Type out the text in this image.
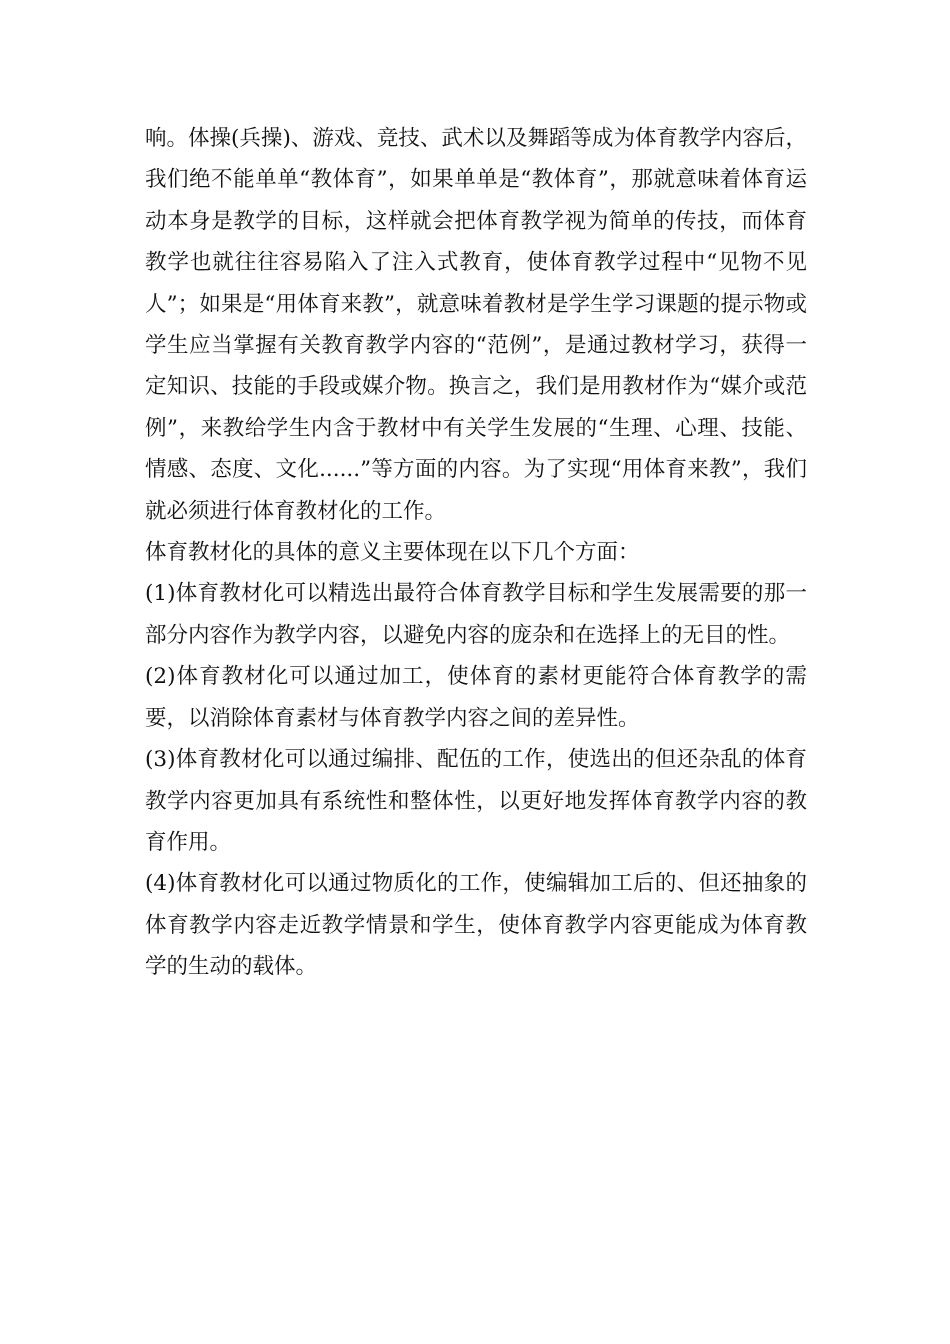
响。体操(兵操)、游戏、竞技、武术以及舞蹈等成为体育教学内容后，我们绝不能单单“教体育”，如果单单是“教体育”，那就意味着体育运动本身是教学的目标，这样就会把体育教学视为简单的传技，而体育教学也就往往容易陷入了注入式教育，使体育教学过程中“见物不见人”；如果是“用体育来教”，就意味着教材是学生学习课题的提示物或学生应当掌握有关教育教学内容的“范例”，是通过教材学习，获得一定知识、技能的手段或媒介物。换言之，我们是用教材作为“媒介或范例”，来教给学生内含于教材中有关学生发展的“生理、心理、技能、情感、态度、文化......”等方面的内容。为了实现“用体育来教”，我们就必须进行体育教材化的工作。

体育教材化的具体的意义主要体现在以下几个方面：

(1)体育教材化可以精选出最符合体育教学目标和学生发展需要的那一部分内容作为教学内容，以避免内容的庞杂和在选择上的无目的性。

(2)体育教材化可以通过加工，使体育的素材更能符合体育教学的需要，以消除体育素材与体育教学内容之间的差异性。

(3)体育教材化可以通过编排、配伍的工作，使选出的但还杂乱的体育教学内容更加具有系统性和整体性，以更好地发挥体育教学内容的教育作用。

(4)体育教材化可以通过物质化的工作，使编辑加工后的、但还抽象的体育教学内容走近教学情景和学生，使体育教学内容更能成为体育教学的生动的载体。
